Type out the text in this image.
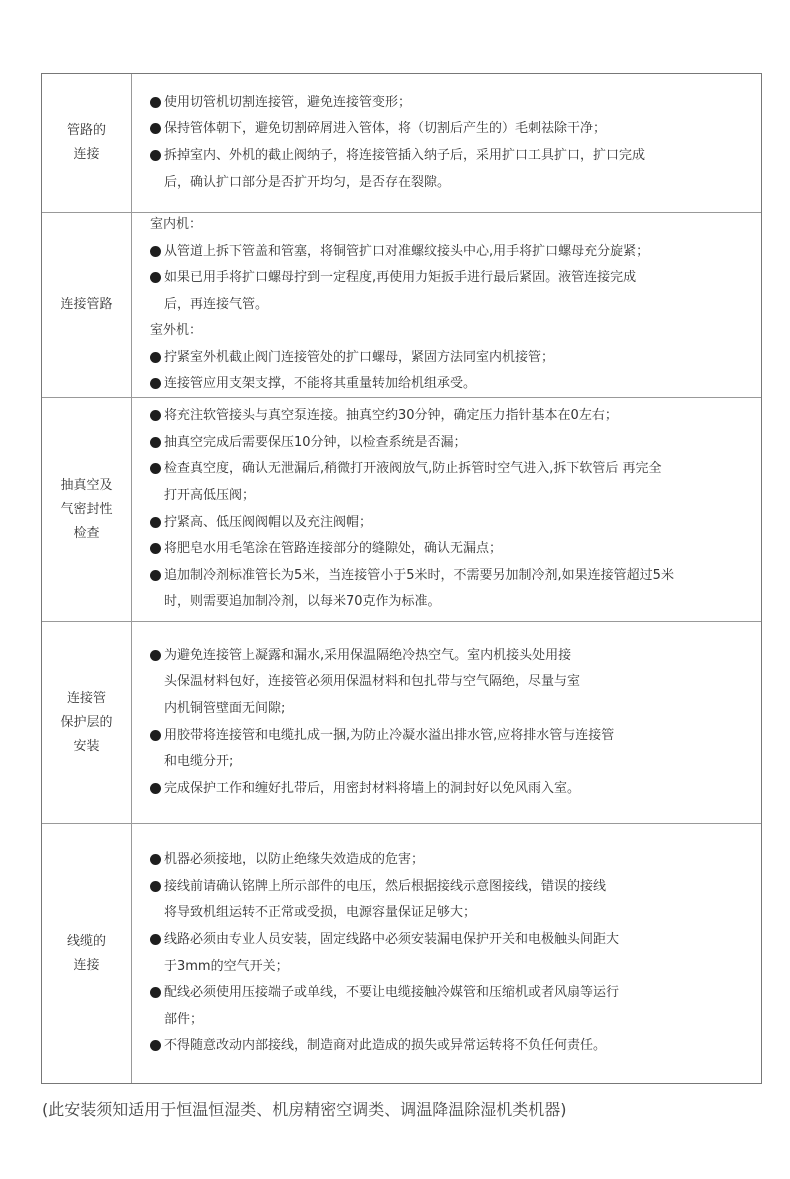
管路的
连接
使用切管机切割连接管，避免连接管变形；
保持管体朝下，避免切割碎屑进入管体，将（切割后产生的）毛刺祛除干净；
拆掉室内、外机的截止阀纳子，将连接管插入纳子后，采用扩口工具扩口，扩口完成
后，确认扩口部分是否扩开均匀，是否存在裂隙。
连接管路
室内机：
从管道上拆下管盖和管塞，将铜管扩口对准螺纹接头中心,用手将扩口螺母充分旋紧；
如果已用手将扩口螺母拧到一定程度,再使用力矩扳手进行最后紧固。液管连接完成
后，再连接气管。
室外机：
拧紧室外机截止阀门连接管处的扩口螺母，紧固方法同室内机接管；
连接管应用支架支撑，不能将其重量转加给机组承受。
抽真空及
气密封性
检查
将充注软管接头与真空泵连接。抽真空约30分钟，确定压力指针基本在0左右；
抽真空完成后需要保压10分钟，以检查系统是否漏；
检查真空度，确认无泄漏后,稍微打开液阀放气,防止拆管时空气进入,拆下软管后 再完全
打开高低压阀；
拧紧高、低压阀阀帽以及充注阀帽；
将肥皂水用毛笔涂在管路连接部分的缝隙处，确认无漏点；
追加制冷剂标准管长为5米，当连接管小于5米时，不需要另加制冷剂,如果连接管超过5米
时，则需要追加制冷剂，以每米70克作为标准。
连接管
保护层的
安装
为避免连接管上凝露和漏水,采用保温隔绝冷热空气。室内机接头处用接
头保温材料包好，连接管必须用保温材料和包扎带与空气隔绝，尽量与室
内机铜管壁面无间隙;
用胶带将连接管和电缆扎成一捆,为防止冷凝水溢出排水管,应将排水管与连接管
和电缆分开;
完成保护工作和缠好扎带后，用密封材料将墙上的洞封好以免风雨入室。
线缆的
连接
机器必须接地，以防止绝缘失效造成的危害；
接线前请确认铭牌上所示部件的电压，然后根据接线示意图接线，错误的接线
将导致机组运转不正常或受损，电源容量保证足够大；
线路必须由专业人员安装，固定线路中必须安装漏电保护开关和电极触头间距大
于3mm的空气开关；
配线必须使用压接端子或单线，不要让电缆接触冷媒管和压缩机或者风扇等运行
部件；
不得随意改动内部接线，制造商对此造成的损失或异常运转将不负任何责任。
(此安装须知适用于恒温恒湿类、机房精密空调类、调温降温除湿机类机器)
